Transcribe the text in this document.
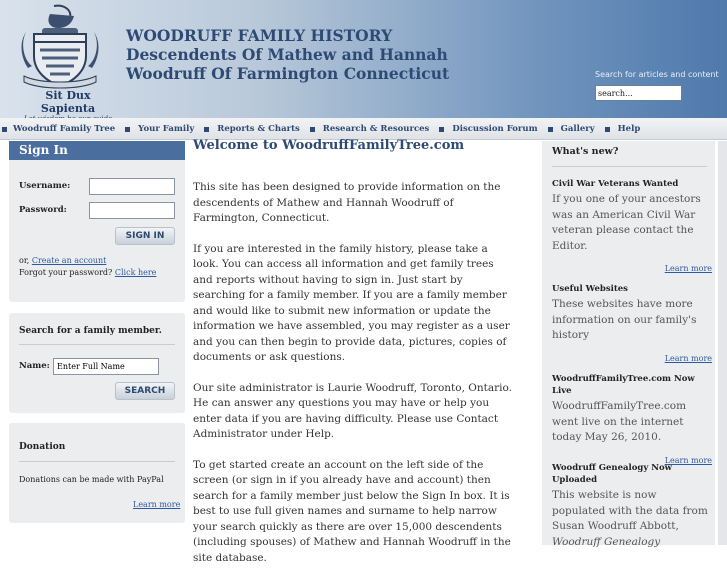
Sit Dux Sapienta
WOODRUFF FAMILY HISTORY
Descendents Of Mathew and Hannah
Woodruff Of Farmington Connecticut	Search for articles and content
search...
Woodruff Family Tree	Your Family	Reports & Charts	Research & Resources	Discussion Forum	Gallery	Help
Sign In
Username:
Password:
SIGN IN
or, Create an account
Forgot your password? Click here
Search for a family member.
Name:
Enter Full Name
SEARCH
Donation
Donations can be made with PayPal
Learn more
Welcome to WoodruffFamilyTree.com

This site has been designed to provide information on the descendents of Mathew and Hannah Woodruff of Farmington, Connecticut.

If you are interested in the family history, please take a look. You can access all information and get family trees and reports without having to sign in. Just start by searching for a family member. If you are a family member and would like to submit new information or update the information we have assembled, you may register as a user and you can then begin to provide data, pictures, copies of documents or ask questions.

Our site administrator is Laurie Woodruff, Toronto, Ontario. He can answer any questions you may have or help you enter data if you are having difficulty. Please use Contact Administrator under Help.

To get started create an account on the left side of the screen (or sign in if you already have and account) then search for a family member just below the Sign In box. It is best to use full given names and surname to help narrow your search quickly as there are over 15,000 descendents (including spouses) of Mathew and Hannah Woodruff in the site database.

What's new?
Civil War Veterans Wanted
If you one of your ancestors was an American Civil War veteran please contact the Editor.
Learn more
Useful Websites
These websites have more information on our family's history
Learn more
WoodruffFamilyTree.com Now Live
WoodruffFamilyTree.com went live on the internet today May 26, 2010.
Learn more
Woodruff Genealogy Now Uploaded
This website is now populated with the data from Susan Woodruff Abbott, Woodruff Genealogy
